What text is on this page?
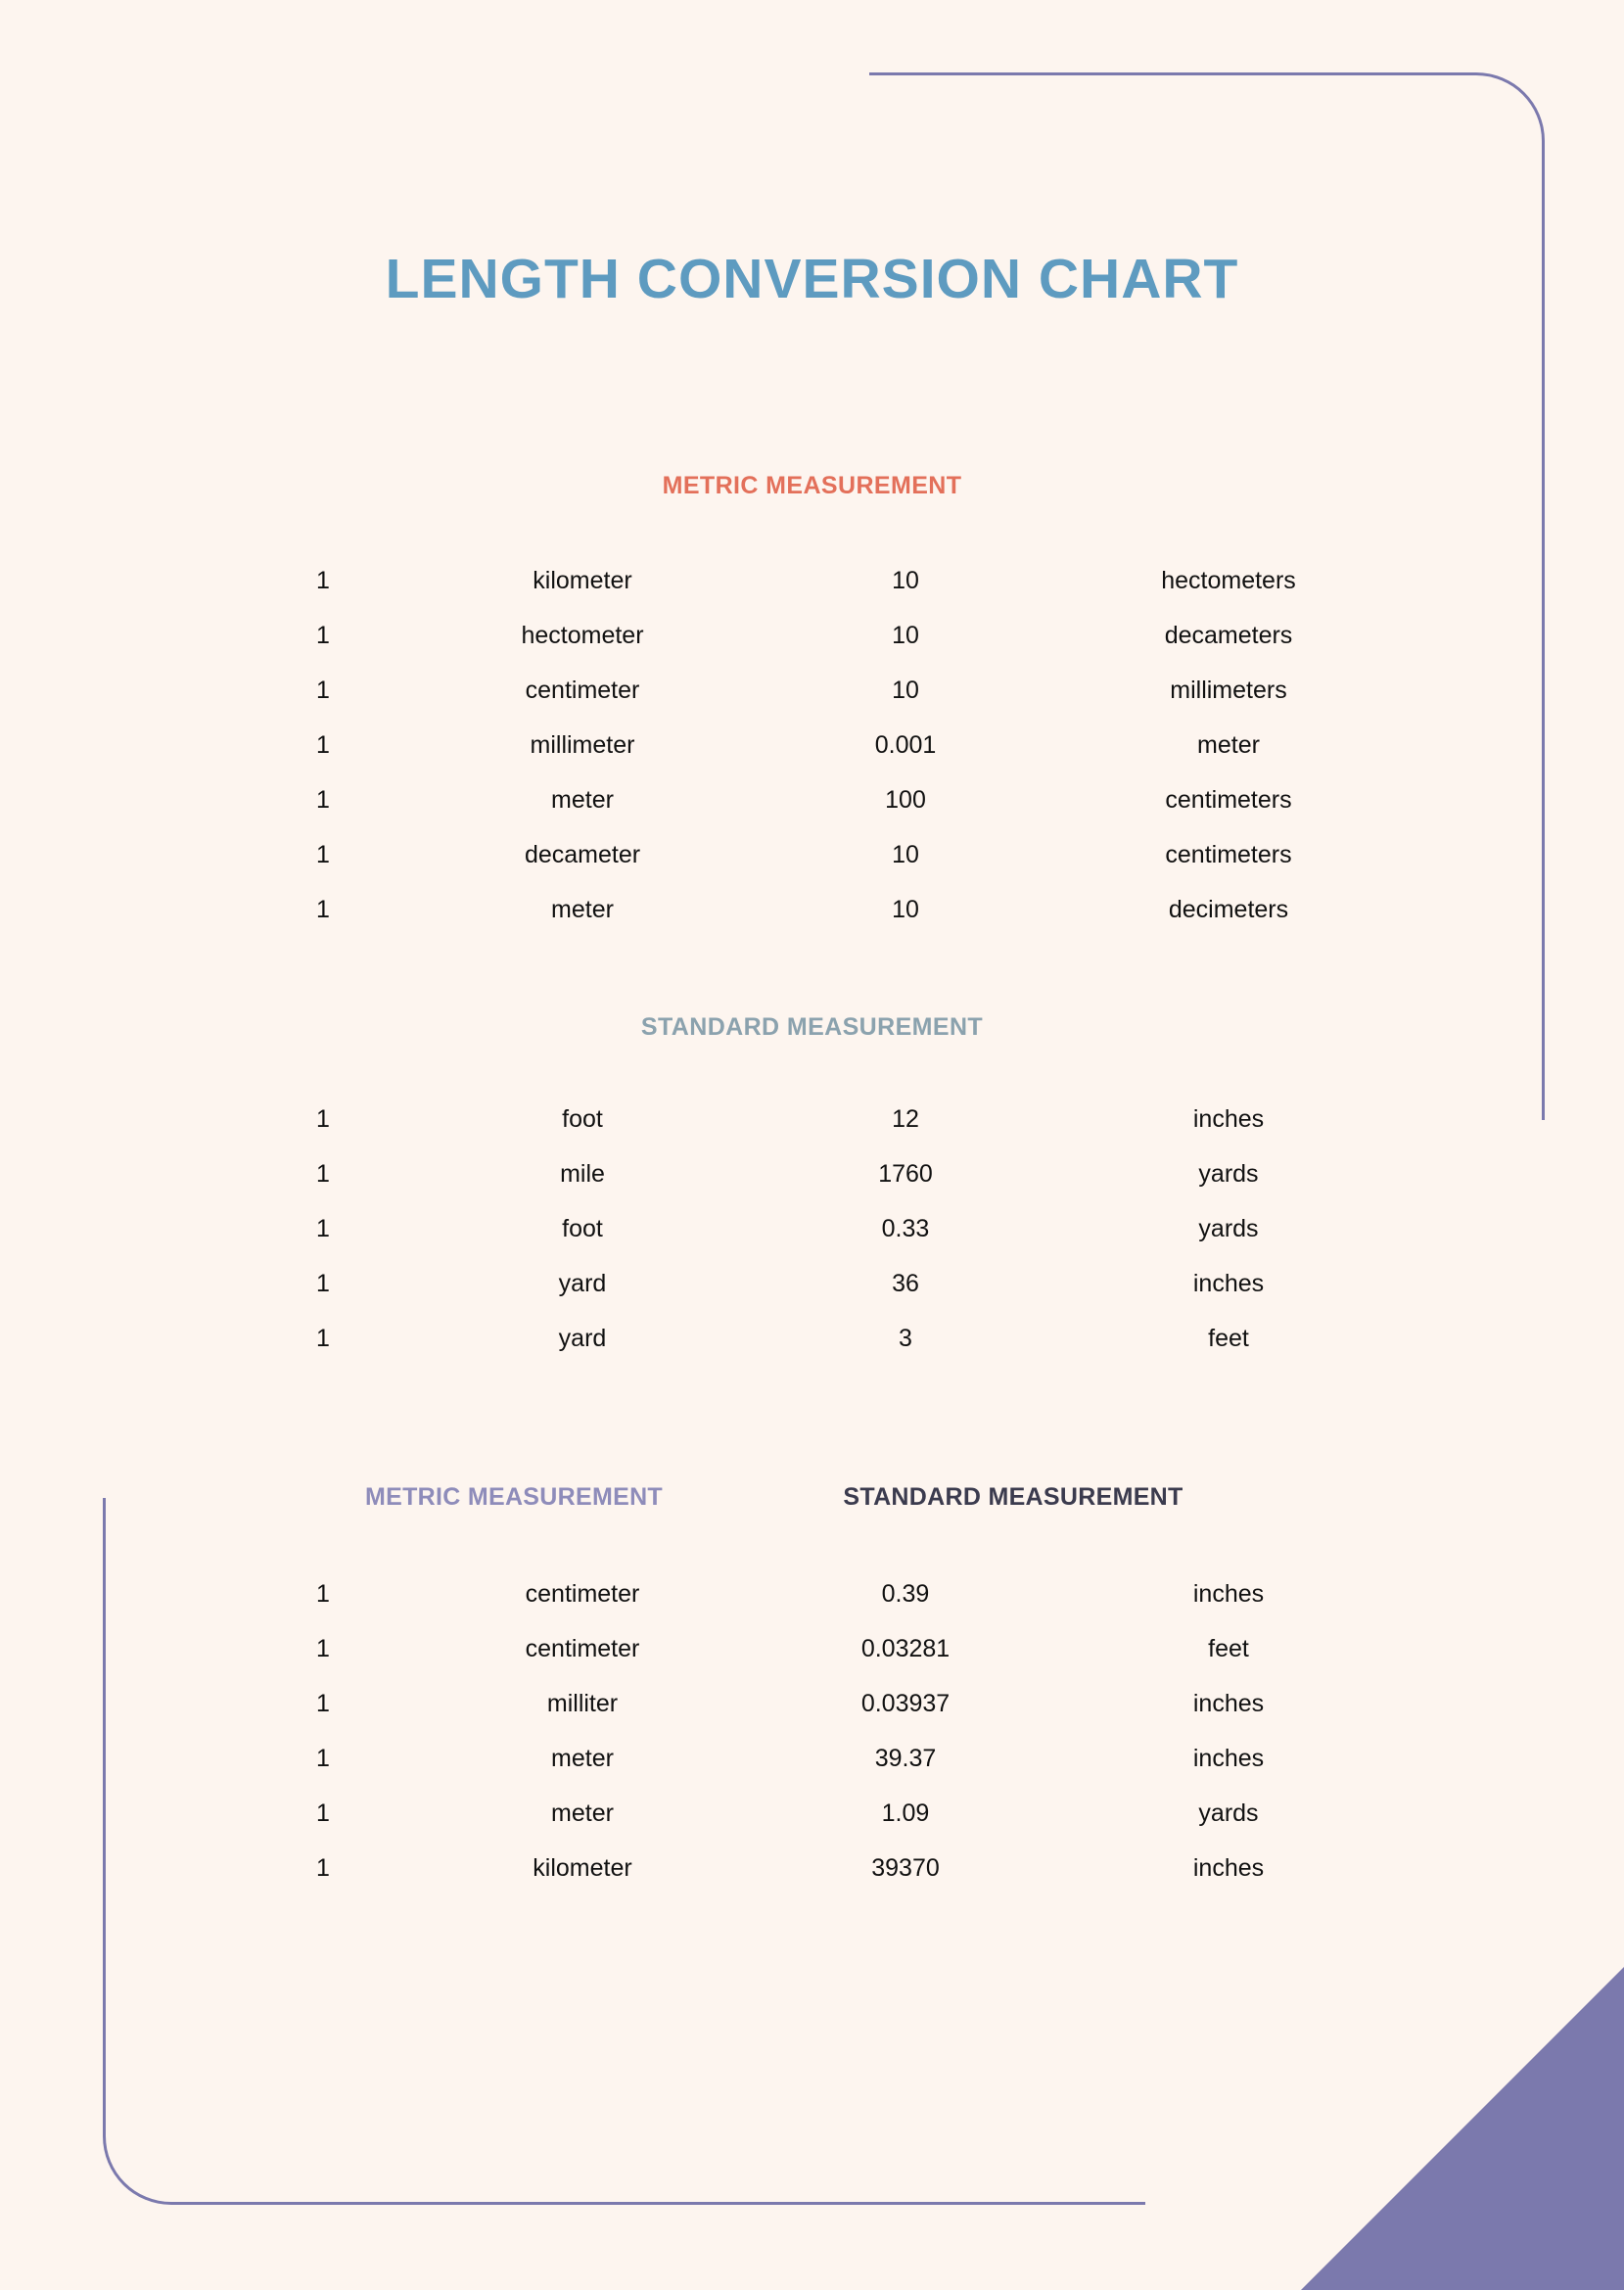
LENGTH CONVERSION CHART
METRIC MEASUREMENT
1	kilometer	10	hectometers
1	hectometer	10	decameters
1	centimeter	10	millimeters
1	millimeter	0.001	meter
1	meter	100	centimeters
1	decameter	10	centimeters
1	meter	10	decimeters
STANDARD MEASUREMENT
1	foot	12	inches
1	mile	1760	yards
1	foot	0.33	yards
1	yard	36	inches
1	yard	3	feet
METRIC MEASUREMENT	STANDARD MEASUREMENT
1	centimeter	0.39	inches
1	centimeter	0.03281	feet
1	milliter	0.03937	inches
1	meter	39.37	inches
1	meter	1.09	yards
1	kilometer	39370	inches
